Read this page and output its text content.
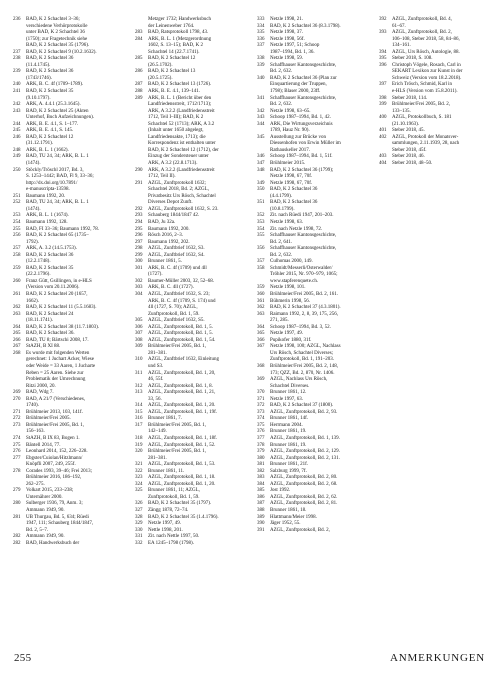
236	BAD, K 2 Schachtel 3–36;
verschiedene Verhörprotokolle
unter BAD, K 2 Schachtel 36
(1750); zur Fragetechnik siehe
BAD, K 2 Schachtel 35 (1796).
237	BAD, K 2 Schachtel 9 (10.2.1632).
238	BAD, K 2 Schachtel 36
(11.4.1745).
239	BAD, K 2 Schachtel 36
(1743/1746).
240	ARK, B. C. 4f (1709–1789).
241	BAD, K 2 Schachtel 35
(9.10.1797).
242	ARK, A. 4.4.1 (25.3.1645).
243	BAD, K 2 Schachtel 25 (Akten
Unterhof, Buch Aufzeichnungen).
244	ARK, B. E. 4.1, S. 1–177.
245	ARK, B. E. 4.1, S. 145.
246	BAD, K 2 Schachtel 12
(31.12.1791).
248	ARK, B. L. 1 (1662).
249	BAD, TU 24, 34; ARK, B. L. 1
(1474).
250	Stöckly/Tröschl 2017, Bd. 3,
S. 1253–1442; BAD, Fl 9, 33–36;
http://dx.doi.org/10.7891/
e-manuscripta-13598.
251	Baumann 1992, 20.
252	BAD, TU 24, 34; ARK, B. L. 1
(1474).
253	ARK, B. L. 1 (1674).
254	Baumann 1992, 128.
255	BAD, FI 33–36; Baumann 1992, 78.
256	BAD, K 2 Schachtel 65 (1735–
1792).
257	ARK, A. 3.2 (14.5.1753).
258	BAD, K 2 Schachtel 36
(12.2.1748).
259	BAD, K 2 Schachtel 35
(22.2.1796).
260	Franz Gütt, Gsillingen, in e-HLS
(Version vom 20.11.2006).
261	BAD, K 2 Schachtel 20 (1657,
1662).
262	BAD, K 2 Schachtel 11 (5.5.1683).
263	BAD, K 2 Schachtel 24
(18.11.1741).
264	BAD, K 2 Schachtel 38 (11.7.1803).
265	BAD, K 2 Schachtel 36.
266	BAD, TU 8; Bärtschi 2008, 17.
267	StAZH, B XI 88.
268	Es wurde mit folgenden Werten
gerechnet: 1 Juchart Acker, Wiese
oder Weide = 33 Aaren, 1 Jucharte
Reben = 25 Aaren. Siehe zur
Problematik der Umrechnung
Ritzi 2000, 20.
269	BAD, Wdg 7.
270	BAD, A 21/7 (Verschiedenes,
1740).
271	Brühlmeier 2013, 103, 141f.
272	Brühlmeier/Frei 2005.
273	Brühlmeier/Frei 2005, Bd. 1,
156–163.
274	StAZH, B IX 83, Bogen 1.
275	Bäntell 2014, 77.
276	Leonhard 2014, 152, 226–228.
277	Ebgster/Cuiolan/Hitzlmann/
Knöpfli 2007, 249, 255f.
278	Corades 1993, 39–46; Frei 2013;
Brühlmeier 2016, 186–192,
262–275.
279	Volkart 2015, 233–238;
Unternährer 2000.
280	Sulberger 1936, 79, Anm. 3;
Ammann 1949, 90.
281	UB Thurgau, Bd. 5, 634; Rüedi
1947, 111; Schauberg 1844/1847,
Bd. 2, 5–7.
282	Ammann 1949, 90.
282	BAD, Handwerksbuch der
Metzger 1732; Handwerksbuch
der Leinenweber 1764.
283	BAD, Ratsprotokoll 1798, 43.
284	ARK, B. L. 1 (Metzgerordnung
1602, S. 13–15); BAD, K 2
Schachtel 14 (22.7.1741).
285	BAD, K 2 Schachtel 12
(26.5.1702).
286	BAD, K 2 Schachtel 13
(20.5.1725).
287	BAD, K 2 Schachtel 13 (1726).
288	ARK, B. E. 4.1, 139–141.
289	ARK, B. L. 1 (Bericht über den
Landfriedensstreit, 1712/1713);
ARK, A 3.2.2 (Landfriedensstreit
1712, Teil I–III); BAD, K 2
Schachtel 52 (1713); ARK, A 3.2
(Inhalt unter 1650 abgelegt,
Landfriedensakte, 1713); die
Korrespondenz ist enthalten unter
BAD, K 2 Schachtel 12 (1712), der
Einzug der Sondersteuer unter
ARK, A 3.2 (22.8.1713).
290	ARK, A 3.2.2 (Landfriedensstreit
1712, Teil II).
291	AZGL, Zunftprotokoll 1632;
Schachtel 2018, Bd. 2; AZGL,
Privatbesitz Urs Rösch, Schachtel
Diverses Depot Zunft.
292	AZGL, Zunftprotokoll 1632, S. 23.
293	Schauberg 1844/1847 42.
294	BAD, Ju 32a.
295	Baumann 1992, 200.
296	Rösch 2016, 2–3.
297	Baumann 1992, 202.
298	AZGL, Zunftbrief 1632, S3.
299	AZGL, Zunftbrief 1632, S4.
300	Brunner 1861, 5.
301	ARK, B. C. 4f (1709) und 4ll
(1727).
302	Baumer-Müller 2003, 32, 52–68.
303	ARK, B. C. 4ll (1727).
304	AZGL, Zunftbrief 1632, S. 23;
ARK, B. C. 4f (1709, S. 174) und
4ll (1727, S. 70); AZGL,
Zunftprotokoll, Bd. 1, 59.
305	AZGL, Zunftbrief 1632, S5.
306	AZGL, Zunftprotokoll, Bd. 1, 5.
307	AZGL, Zunftprotokoll, Bd. 1, 5.
308	AZGL, Zunftprotokoll, Bd. 1, 54.
309	Brühlmeier/Frei 2005, Bd. 1,
281–381.
310	AZGL, Zunftbrief 1632, Einleitung
und S3.
311	AZGL, Zunftprotokoll, Bd. 1, 20,
46, 55f.
312	AZGL, Zunftprotokoll, Bd. 1, 8.
313	AZGL, Zunftprotokoll, Bd. 1, 21,
33, 56.
314	AZGL, Zunftprotokoll, Bd. 1, 20.
315	AZGL, Zunftprotokoll, Bd. 1, 19f.
316	Brunner 1861, 7.
317	Brühlmeier/Frei 2005, Bd. 1,
142–149.
318	AZGL, Zunftprotokoll, Bd. 1, 18f.
319	AZGL, Zunftprotokoll, Bd. 1, 52.
320	Brühlmeier/Frei 2005, Bd. 1,
281–381.
321	AZGL, Zunftprotokoll, Bd. 1, 53.
322	Brunner 1861, 11.
323	AZGL, Zunftprotokoll, Bd. 1, 18.
324	AZGL, Zunftprotokoll, Bd. 1, 20.
325	Brunner 1861, 11; AZGL,
Zunftprotokoll, Bd. 1, 59.
326	BAD, K 2 Schachtel 35 (1797).
327	Zängg 1878, 72–74.
328	BAD, K 2 Schachtel 35 (1.4.1796).
329	Netzle 1997, 49.
330	Nettle 1998, 201.
331	Zit. nach Nettle 1997, 50.
332	EA 1245–1798 (1798).
333	Netzle 1998, 21.
334	BAD, K 2 Schachtel 36 (8.3.1798).
335	Netzle 1998, 37.
336	Netzle 1998, 56f.
337	Netzle 1997, 51; Schoop
1987–1994, Bd. 1, 36.
338	Netzle 1998, 59.
339	Schaffhauser Kantonsgeschichte,
Bd. 2, 632.
340	BAD, K 2 Schachtel 36 (Plan zur
Einquartierung der Truppen,
1798); Blaser 2000, 23ff.
341	Schaffhauser Kantonsgeschichte,
Bd. 2, 632.
342	Netzle 1998, 63–65.
343	Schoop 1987–1994, Bd. 1, 42.
344	ARK, Die Wirtungsverzeichnis
1789, Hauz Nr. 90).
345	Ausstellung zur Brücke von
Diessenhofen von Erwin Müller im
Rathauskeller 2017.
346	Schoop 1987–1994, Bd. 1, 51f.
347	Brühlmeier 2015.
348	BAD, K 2 Schachtel 36 (1799);
Netzle 1998, 67, 70f.
349	Netzle 1998, 67, 70f.
350	BAD, K 2 Schachtel 36
(4.4.1799).
351	BAD, K 2 Schachtel 36
(10.8.1799).
352	Zit. nach Rüedi 1947, 201–203.
353	Netzle 1998, 63.
354	Zit. nach Netzle 1998, 72.
355	Schaffhauser Kantonsgeschichte,
Bd. 2, 641.
356	Schaffhauser Kantonsgeschichte,
Bd. 2, 632.
357	Culhomas 2000, 149.
358	Schmidt/Messerli/Osterwalder/
Tröhler 2015, Nr. 970–979, 1065;
www.stapferenquete.ch.
359	Netzle 1998, 101.
360	Brühlmeier/Frei 2005, Bd. 2, 161.
361	Bühmerin 1998, 56.
362	BAD, K 2 Schachtel 37 (4.3.1801).
363	Raimann 1992, 2, 8, 39, 175, 256,
271, 285.
364	Schoop 1987–1994, Bd. 3, 52.
365	Netzle 1997, 49.
366	Pupikofer 1880, 31f.
367	Netzle 1998, 100; AZGL, Nachlass
Urs Rösch, Schachtel Diverses;
Zunftprotokoll, Bd. 1, 191–203.
368	Brühlmeier/Frei 2005, Bd. 2, 148,
173; QZZ, Bd. 2, 870, Nr. 1406.
369	AZGL, Nachlass Urs Rösch,
Schachtel Diverses.
370	Brunner 1861, 12.
371	Netzle 1997, 63.
372	BAD, K 2 Schachtel 37 (1800).
373	AZGL, Zunftprotokoll, Bd. 2, 93.
374	Brunner 1861, 14f.
375	Herrmann 2004.
376	Brunner 1861, 19.
377	AZGL, Zunftprotokoll, Bd. 1, 139.
378	Brunner 1861, 19.
379	AZGL, Zunftprotokoll, Bd. 2, 129.
380	AZGL, Zunftprotokoll, Bd. 2, 131.
381	Brunner 1861, 21f.
382	Salzburg 1999, 7f.
383	AZGL, Zunftprotokoll, Bd. 2, 80.
384	AZGL, Zunftprotokoll, Bd. 2, 68.
385	Jost 1992.
386	AZGL, Zunftprotokoll, Bd. 2, 62.
387	AZGL, Zunftprotokoll, Bd. 2, 81.
388	Brunner 1861, 18.
389	Hlattmann/Meier 1998.
390	Jäger 1952, 55.
391	AZGL, Zunftprotokoll, Bd. 2,
392	AZGL, Zunftprotokoll, Bd. 4,
61–67.
393	AZGL, Zunftprotokoll, Bd. 2,
106–108, Steber 2018, 58, 84–86,
134–161.
394	AZGL, Urs Rösch, Autologie, 88.
395	Steber 2018, S. 108.
396	Christoph Vögele, Rosach, Carl in
SEKART Lexikon zur Kunst in der
Schweiz (Version vom 18.2.2018).
397	Erich Trösch, Schmid, Karl in
e-HLS (Version vom 15.8.2011).
398	Steber 2018, 114.
399	Brühlmeier/Frei 2005, Bd. 2,
133–135.
400	AZGL, Protokollbuch, S. 181
(21.10.1963).
401	Steber 2018, 45.
402	AZGL, Protokoll der Monatsver-
sammlungen, 2.11.1939, 28, nach
Steber 2018, 45f.
403	Steber 2018, 46.
404	Steber 2018, 48–50.
255	ANMERKUNGEN
